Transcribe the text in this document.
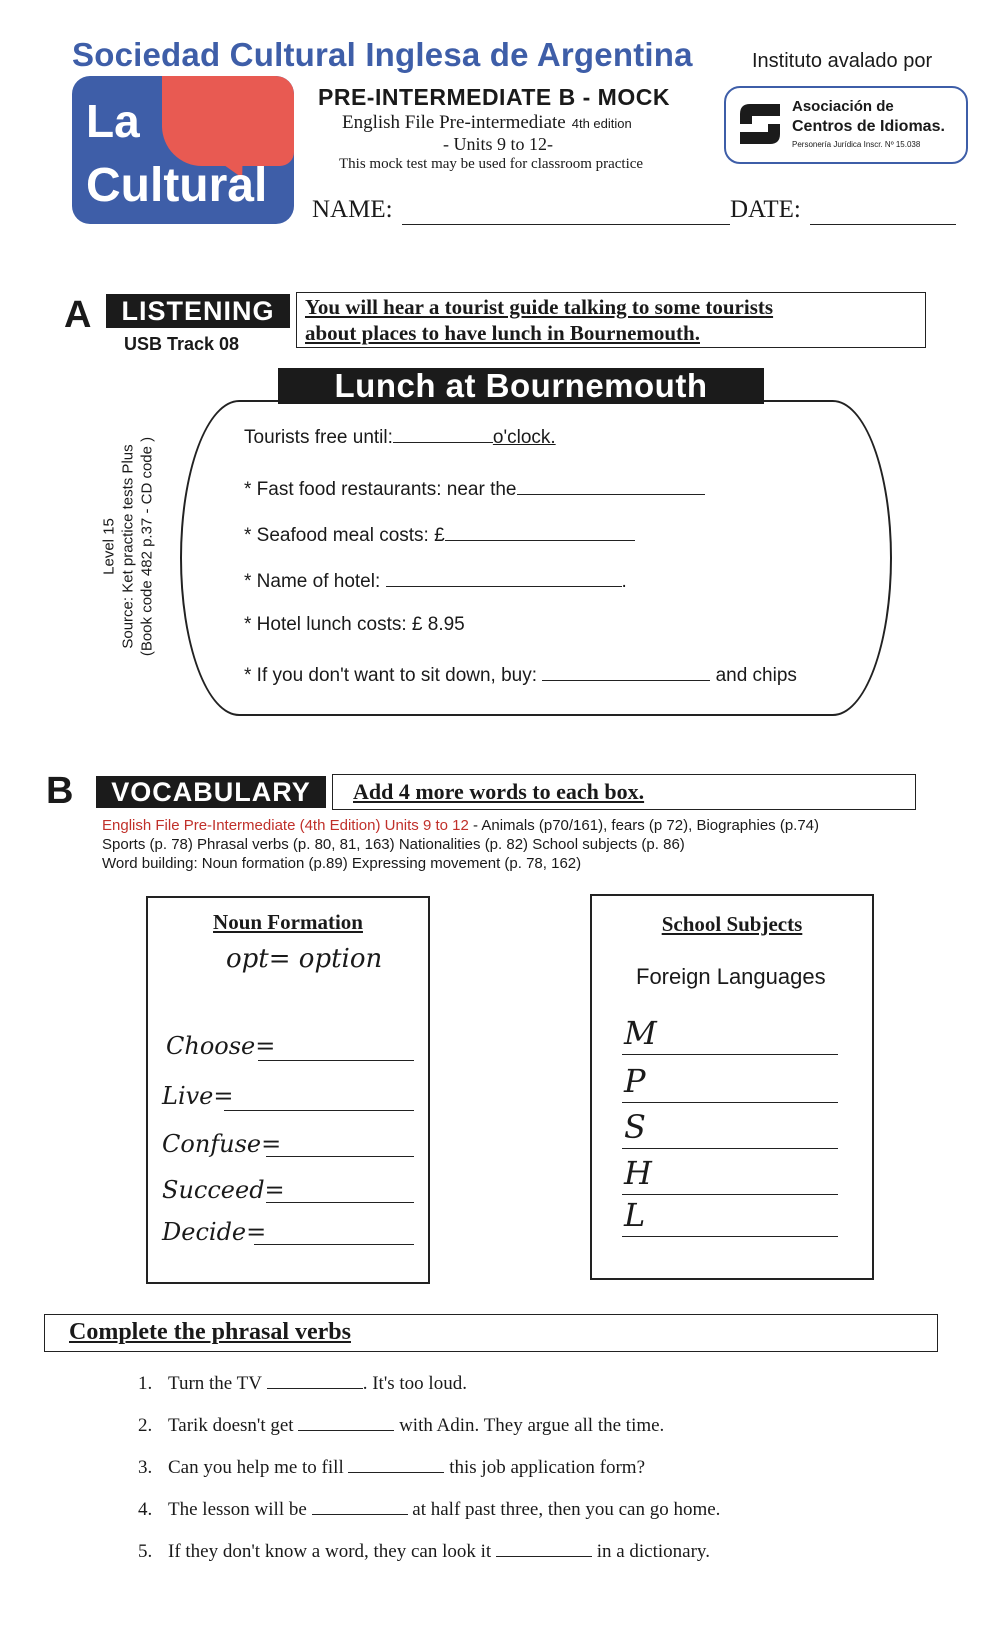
Sociedad Cultural Inglesa de Argentina
La
Cultural
PRE-INTERMEDIATE B - MOCK
English File Pre-intermediate 4th edition
- Units 9 to 12-
This mock test may be used for classroom practice
Instituto avalado por
Asociación de
Centros de Idiomas.
Personería Jurídica Inscr. Nº 15.038
NAME:	DATE:
A	LISTENING
USB Track 08
You will hear a tourist guide talking to some tourists
about places to have lunch in Bournemouth.
Level 15 Source: Ket practice tests Plus (Book code 482 p.37 - CD code )
Lunch at Bournemouth
Tourists free until:	o'clock.
* Fast food restaurants: near the
* Seafood meal costs: £
* Name of hotel:	.
* Hotel lunch costs: £ 8.95
* If you don't want to sit down, buy:	and chips
B	VOCABULARY	Add 4 more words to each box.
English File Pre-Intermediate (4th Edition) Units 9 to 12 - Animals (p70/161), fears (p 72), Biographies (p.74)
Sports (p. 78) Phrasal verbs (p. 80, 81, 163) Nationalities (p. 82) School subjects (p. 86)
Word building: Noun formation (p.89) Expressing movement (p. 78, 162)
Noun Formation
opt= option
Choose=
Live=
Confuse=
Succeed=
Decide=
School Subjects
Foreign Languages
M
P
S
H
L
Complete the phrasal verbs
1. Turn the TV	. It's too loud.
2. Tarik doesn't get	with Adin. They argue all the time.
3. Can you help me to fill	this job application form?
4. The lesson will be	at half past three, then you can go home.
5. If they don't know a word, they can look it	in a dictionary.
